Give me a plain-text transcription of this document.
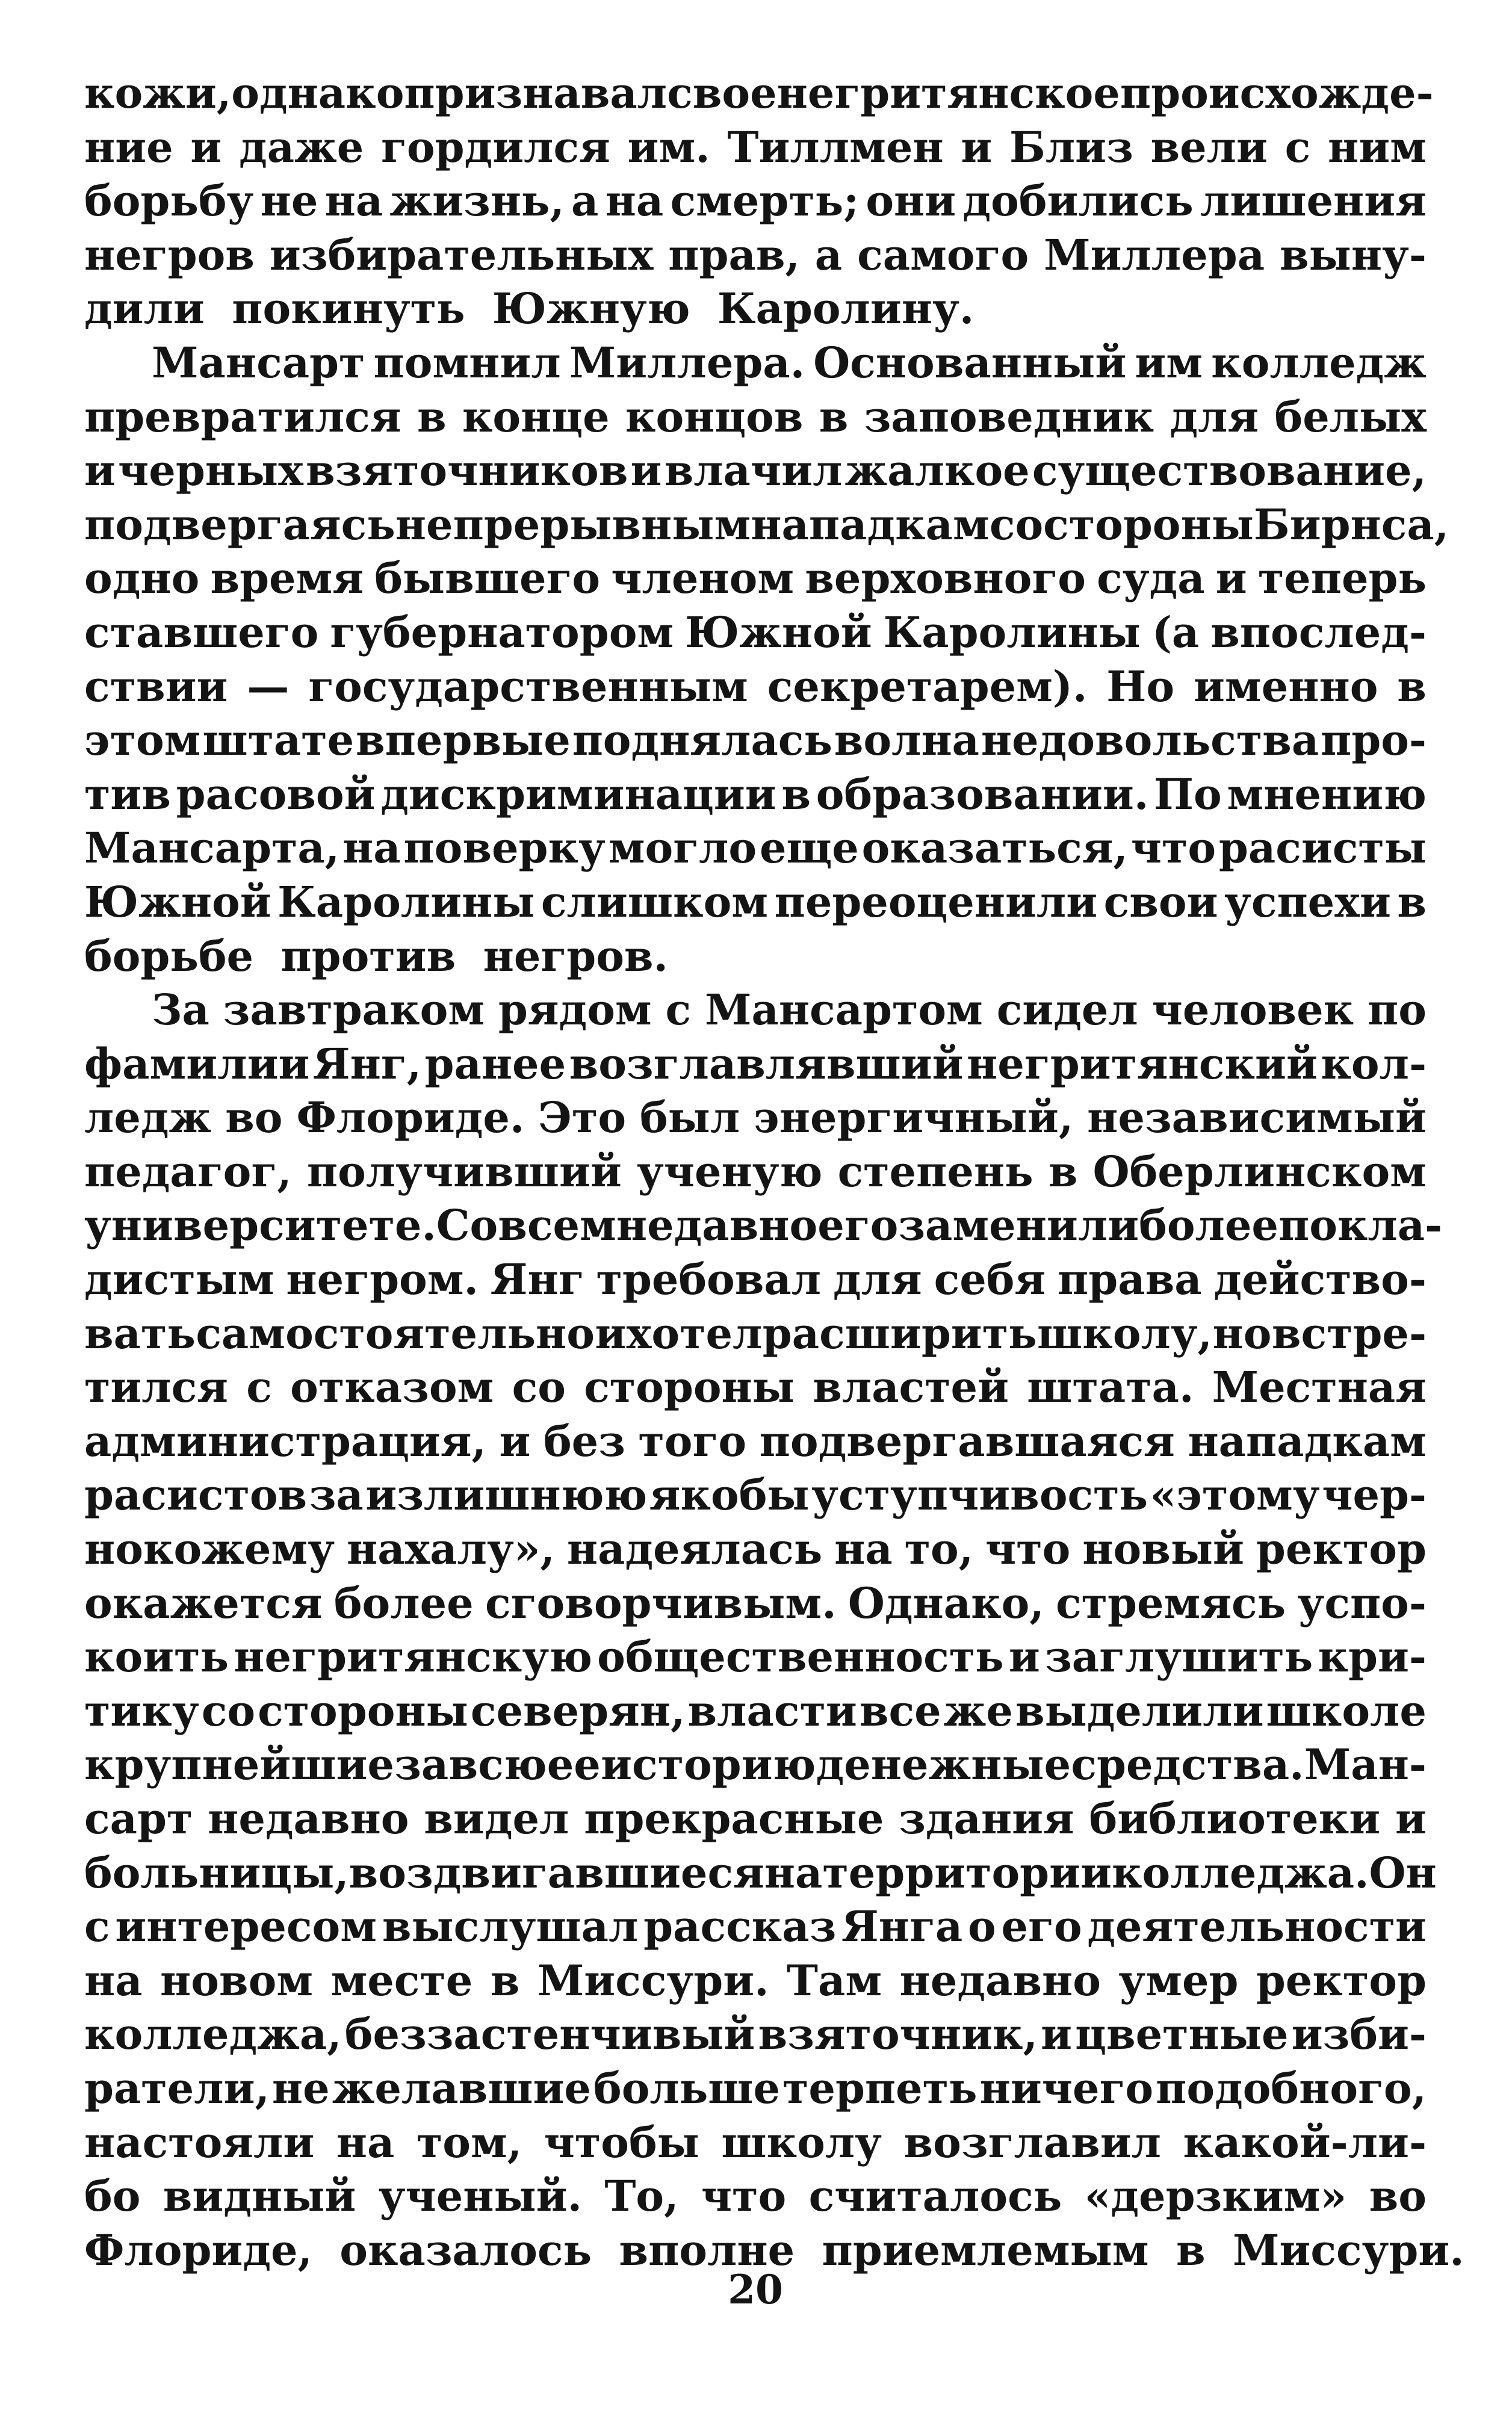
кожи, однако признавал свое негритянское происхожде-
ние и даже гордился им. Тиллмен и Близ вели с ним
борьбу не на жизнь, а на смерть; они добились лишения
негров избирательных прав, а самого Миллера выну-
дили покинуть Южную Каролину.
Мансарт помнил Миллера. Основанный им колледж
превратился в конце концов в заповедник для белых
и черных взяточников и влачил жалкое существование,
подвергаясь непрерывным нападкам со стороны Бирнса,
одно время бывшего членом верховного суда и теперь
ставшего губернатором Южной Каролины (а впослед-
ствии — государственным секретарем). Но именно в
этом штате впервые поднялась волна недовольства про-
тив расовой дискриминации в образовании. По мнению
Мансарта, на поверку могло еще оказаться, что расисты
Южной Каролины слишком переоценили свои успехи в
борьбе против негров.
За завтраком рядом с Мансартом сидел человек по
фамилии Янг, ранее возглавлявший негритянский кол-
ледж во Флориде. Это был энергичный, независимый
педагог, получивший ученую степень в Оберлинском
университете. Совсем недавно его заменили более покла-
дистым негром. Янг требовал для себя права действо-
вать самостоятельно и хотел расширить школу, но встре-
тился с отказом со стороны властей штата. Местная
администрация, и без того подвергавшаяся нападкам
расистов за излишнюю якобы уступчивость «этому чер-
нокожему нахалу», надеялась на то, что новый ректор
окажется более сговорчивым. Однако, стремясь успо-
коить негритянскую общественность и заглушить кри-
тику со стороны северян, власти все же выделили школе
крупнейшие за всю ее историю денежные средства. Ман-
сарт недавно видел прекрасные здания библиотеки и
больницы, воздвигавшиеся на территории колледжа. Он
с интересом выслушал рассказ Янга о его деятельности
на новом месте в Миссури. Там недавно умер ректор
колледжа, беззастенчивый взяточник, и цветные изби-
ратели, не желавшие больше терпеть ничего подобного,
настояли на том, чтобы школу возглавил какой-ли-
бо видный ученый. То, что считалось «дерзким» во
Флориде, оказалось вполне приемлемым в Миссури.
20
